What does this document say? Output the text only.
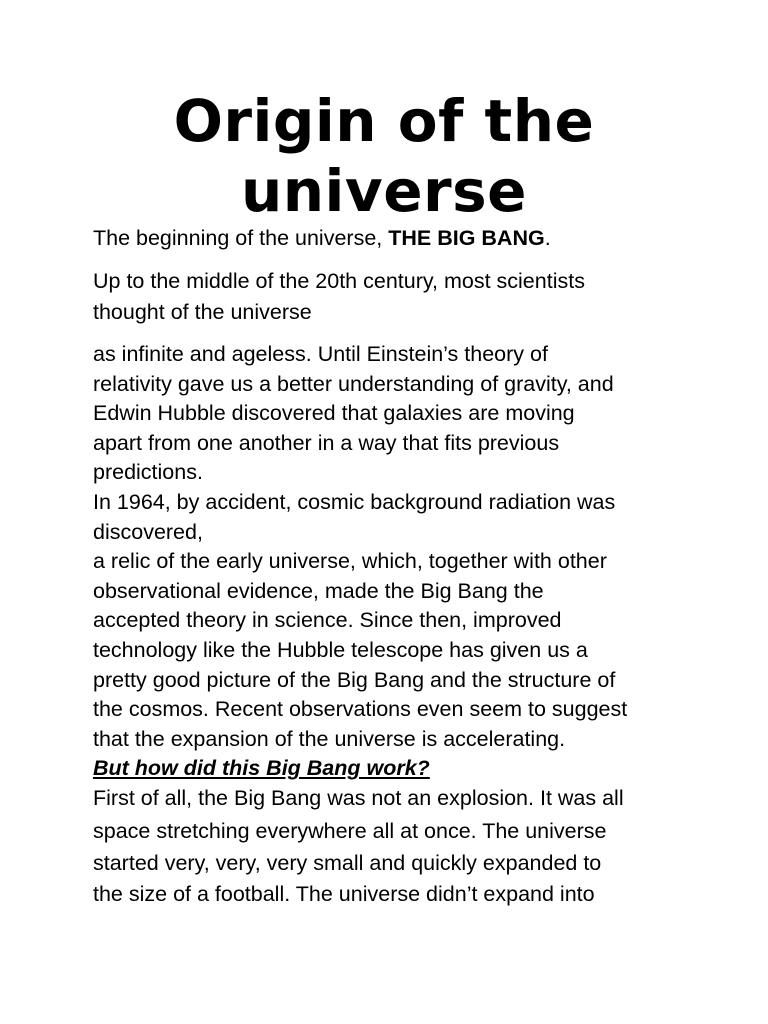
Origin of the
universe
The beginning of the universe, THE BIG BANG.
Up to the middle of the 20th century, most scientists
thought of the universe
as infinite and ageless. Until Einstein’s theory of
relativity gave us a better understanding of gravity, and
Edwin Hubble discovered that galaxies are moving
apart from one another in a way that fits previous
predictions.
In 1964, by accident, cosmic background radiation was
discovered,
a relic of the early universe, which, together with other
observational evidence, made the Big Bang the
accepted theory in science. Since then, improved
technology like the Hubble telescope has given us a
pretty good picture of the Big Bang and the structure of
the cosmos. Recent observations even seem to suggest
that the expansion of the universe is accelerating.
But how did this Big Bang work?
First of all, the Big Bang was not an explosion. It was all
space stretching everywhere all at once. The universe
started very, very, very small and quickly expanded to
the size of a football. The universe didn’t expand into
